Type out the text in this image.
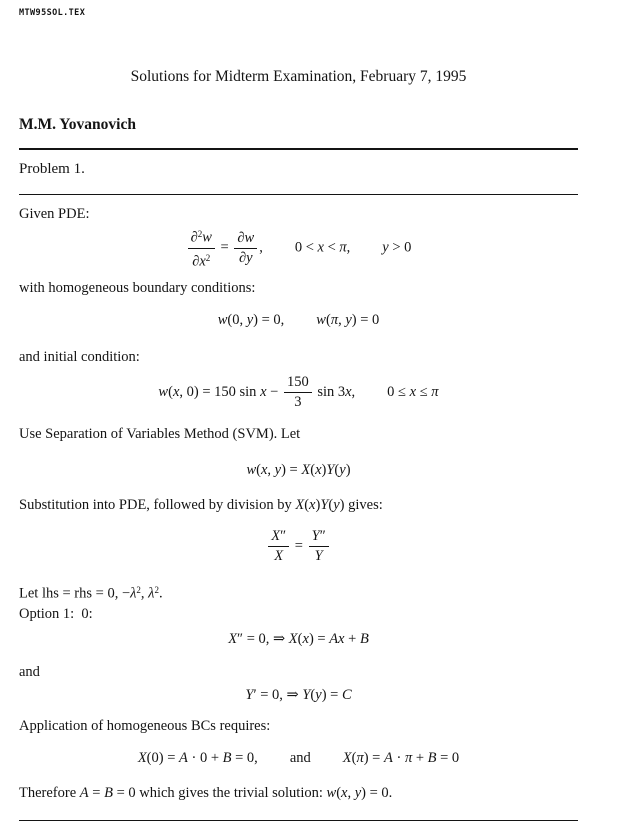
MTW95SOL.TEX
Solutions for Midterm Examination, February 7, 1995
M.M. Yovanovich
Problem 1.
Given PDE:
$\frac{\partial^2w}{\partial x^2} = \frac{\partial w}{\partial y}$ , 0 < x < π, y > 0
with homogeneous boundary conditions:
w(0, y) = 0, w(π, y) = 0
and initial condition:
w(x, 0) = 150 $\sin x - \frac{150}{3}$ sin 3x, 0 ≤ x ≤ π
Use Separation of Variables Method (SVM). Let
w(x, y) = X(x)Y(y)
Substitution into PDE, followed by division by X(x)Y(y) gives:
$\frac{X''}{X} = \frac{Y''}{Y}$
Let lhs = rhs = 0, $-\lambda^2$, $\lambda^2$.
Option 1:  0:
X″ = 0, ⇒ X(x) = Ax + B
and
Y′ = 0, ⇒ Y(y) = C
Application of homogeneous BCs requires:
X(0) = A · 0 + B = 0, and X(π) = A · π + B = 0
Therefore A = B = 0 which gives the trivial solution: w(x, y) = 0.
